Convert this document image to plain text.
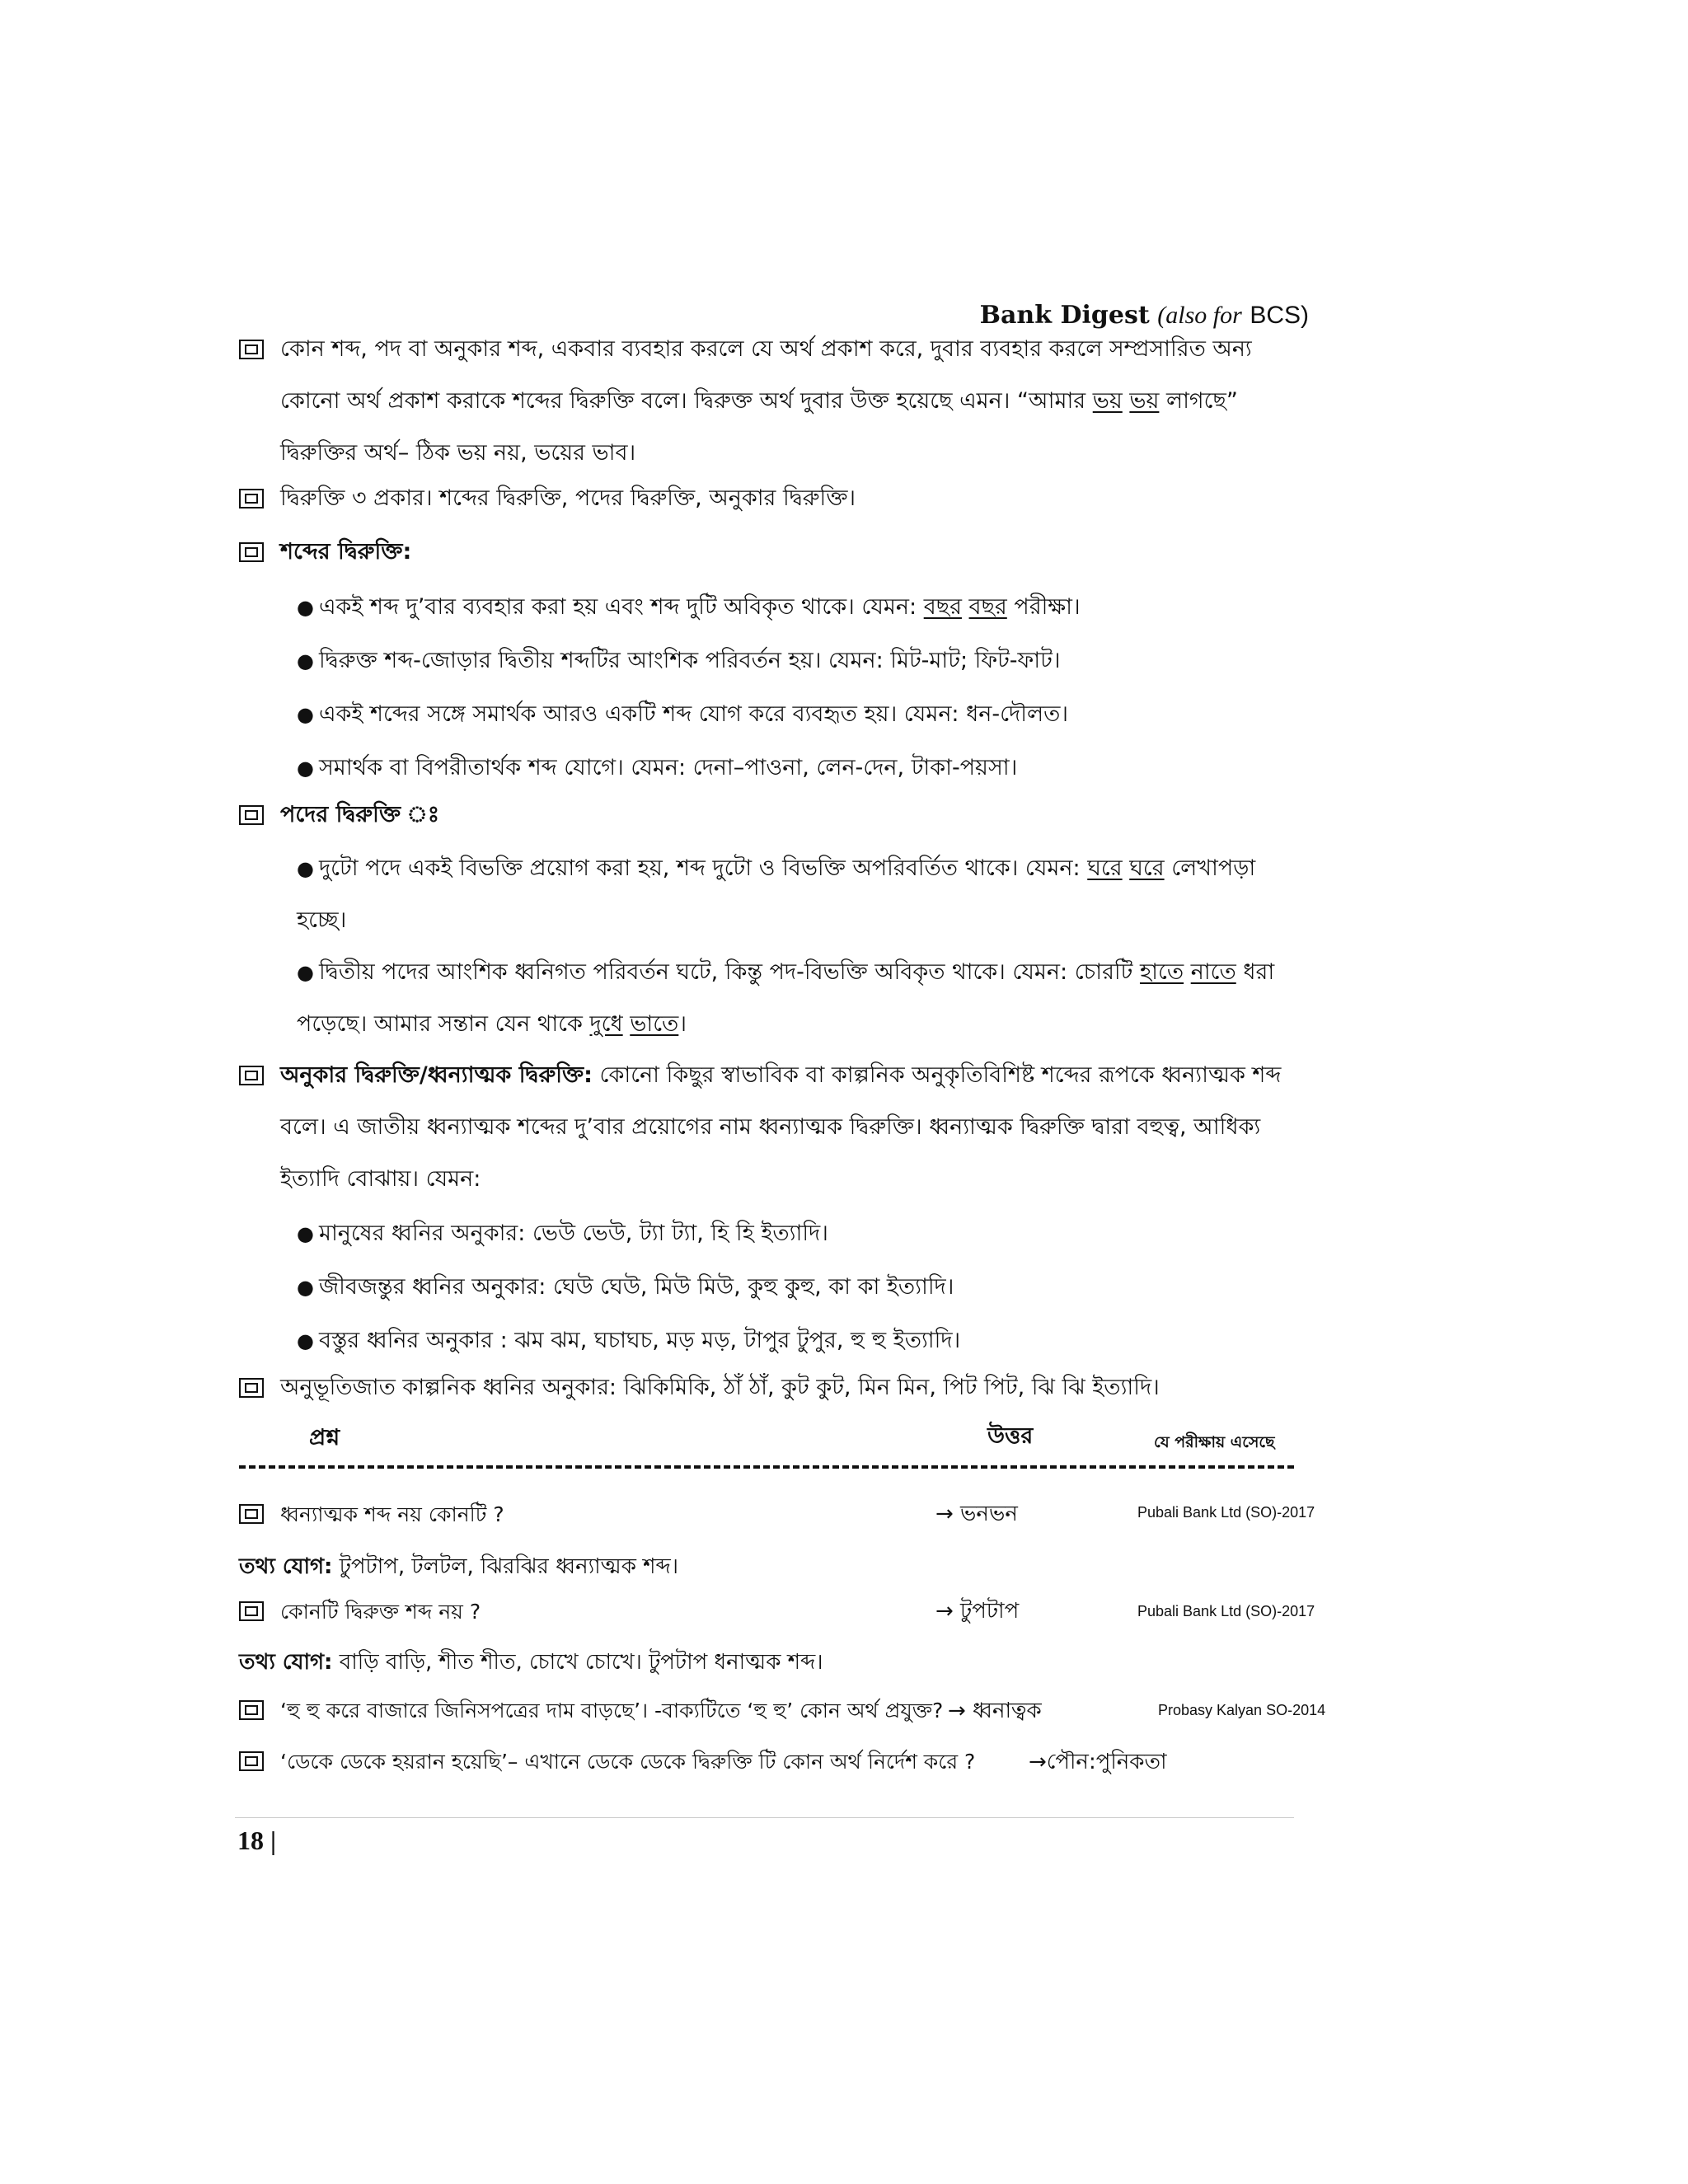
Bank Digest (also for BCS)
কোন শব্দ, পদ বা অনুকার শব্দ, একবার ব্যবহার করলে যে অর্থ প্রকাশ করে, দুবার ব্যবহার করলে সম্প্রসারিত অন্য
কোনো অর্থ প্রকাশ করাকে শব্দের দ্বিরুক্তি বলে। দ্বিরুক্ত অর্থ দুবার উক্ত হয়েছে এমন। “আমার ভয় ভয় লাগছে”
দ্বিরুক্তির অর্থ– ঠিক ভয় নয়, ভয়ের ভাব।
দ্বিরুক্তি ৩ প্রকার। শব্দের দ্বিরুক্তি, পদের দ্বিরুক্তি, অনুকার দ্বিরুক্তি।
শব্দের দ্বিরুক্তি:
● একই শব্দ দু’বার ব্যবহার করা হয় এবং শব্দ দুটি অবিকৃত থাকে। যেমন: বছর বছর পরীক্ষা।
● দ্বিরুক্ত শব্দ-জোড়ার দ্বিতীয় শব্দটির আংশিক পরিবর্তন হয়। যেমন: মিট-মাট; ফিট-ফাট।
● একই শব্দের সঙ্গে সমার্থক আরও একটি শব্দ যোগ করে ব্যবহৃত হয়। যেমন: ধন-দৌলত।
● সমার্থক বা বিপরীতার্থক শব্দ যোগে। যেমন: দেনা–পাওনা, লেন-দেন, টাকা-পয়সা।
পদের দ্বিরুক্তি ঃ
● দুটো পদে একই বিভক্তি প্রয়োগ করা হয়, শব্দ দুটো ও বিভক্তি অপরিবর্তিত থাকে। যেমন: ঘরে ঘরে লেখাপড়া
হচ্ছে।
● দ্বিতীয় পদের আংশিক ধ্বনিগত পরিবর্তন ঘটে, কিন্তু পদ-বিভক্তি অবিকৃত থাকে। যেমন: চোরটি হাতে নাতে ধরা
পড়েছে। আমার সন্তান যেন থাকে দুধে ভাতে।
অনুকার দ্বিরুক্তি/ধ্বন্যাত্মক দ্বিরুক্তি: কোনো কিছুর স্বাভাবিক বা কাল্পনিক অনুকৃতিবিশিষ্ট শব্দের রূপকে ধ্বন্যাত্মক শব্দ
বলে। এ জাতীয় ধ্বন্যাত্মক শব্দের দু’বার প্রয়োগের নাম ধ্বন্যাত্মক দ্বিরুক্তি। ধ্বন্যাত্মক দ্বিরুক্তি দ্বারা বহুত্ব, আধিক্য
ইত্যাদি বোঝায়। যেমন:
● মানুষের ধ্বনির অনুকার: ভেউ ভেউ, ট্যা ট্যা, হি হি ইত্যাদি।
● জীবজন্তুর ধ্বনির অনুকার: ঘেউ ঘেউ, মিউ মিউ, কুহু কুহু, কা কা ইত্যাদি।
● বস্তুর ধ্বনির অনুকার : ঝম ঝম, ঘচাঘচ, মড় মড়, টাপুর টুপুর, হু হু ইত্যাদি।
অনুভূতিজাত কাল্পনিক ধ্বনির অনুকার: ঝিকিমিকি, ঠাঁ ঠাঁ, কুট কুট, মিন মিন, পিট পিট, ঝি ঝি ইত্যাদি।
প্রশ্ন	উত্তর	যে পরীক্ষায় এসেছে
ধ্বন্যাত্মক শব্দ নয় কোনটি ?	→ ভনভন	Pubali Bank Ltd (SO)-2017
তথ্য যোগ: টুপটাপ, টলটল, ঝিরঝির ধ্বন্যাত্মক শব্দ।
কোনটি দ্বিরুক্ত শব্দ নয় ?	→ টুপটাপ	Pubali Bank Ltd (SO)-2017
তথ্য যোগ: বাড়ি বাড়ি, শীত শীত, চোখে চোখে। টুপটাপ ধনাত্মক শব্দ।
‘হু হু করে বাজারে জিনিসপত্রের দাম বাড়ছে’। -বাক্যটিতে ‘হু হু’ কোন অর্থ প্রযুক্ত? → ধ্বনাত্বক	Probasy Kalyan SO-2014
‘ডেকে ডেকে হয়রান হয়েছি’– এখানে ডেকে ডেকে দ্বিরুক্তি টি কোন অর্থ নির্দেশ করে ? →পৌন:পুনিকতা
18 |
